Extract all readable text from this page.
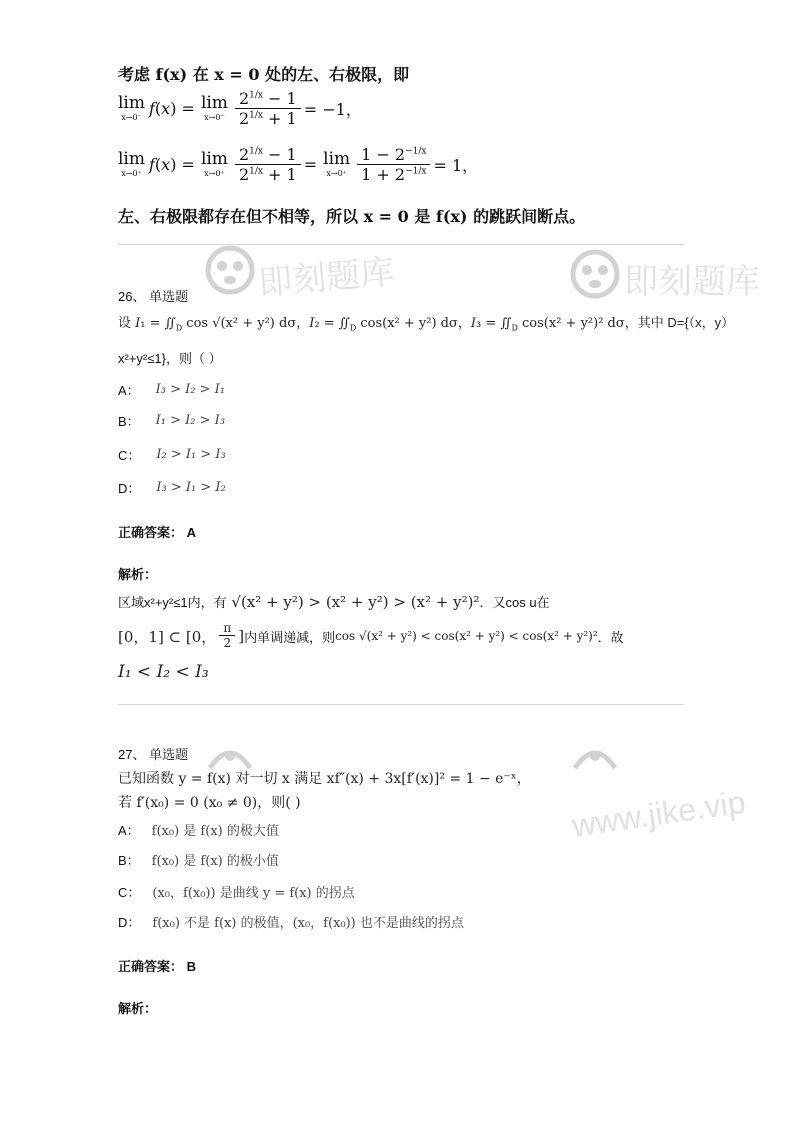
考虑 f(x) 在 x = 0 处的左、右极限，即
lim
x→0⁻ f ( x ) = lim
$x\to 0^- \frac{2^{1/x} - 1}{2^{1/x} + 1} = -1$，
lim
x→0⁺ f ( x ) = lim
$x\to 0^+ \frac{2^{1/x} - 1}{2^{1/x} + 1} = \lim$
$x\to 0^+ \frac{1 - 2^{-1/x}}{1 + 2^{-1/x}} = 1$，
左、右极限都存在但不相等，所以 x = 0 是 f(x) 的跳跃间断点。
即刻题库	即刻题库
www.jike.vip
26、 单选题
设 $I_1 = ∬_D$ cos √(x² + y²) dσ，$I_2 = ∬_D$ cos(x² + y²) dσ，$I_3 = ∬_D$ cos(x² + y²)² dσ，其中 D={（x，y）
x²+y²≤1}，则（ ）
A： I₃ > I₂ > I₁
B： I₁ > I₂ > I₃
C： I₂ > I₁ > I₃
D： I₃ > I₁ > I₂
正确答案： A
解析：
区域x²+y²≤1内，有 √(x² + y²) > (x² + y²) > (x² + y²)² ．又cos u在
[0，1] ⊂ [0， $\frac{\pi}{2}$ ] 内单调递减，则 cos √(x² + y²) < cos(x² + y²) < cos(x² + y²)² ．故
I₁ < I₂ < I₃
27、 单选题
已知函数 y = f(x) 对一切 x 满足 xf″(x) + 3x[f′(x)]² = 1 − e⁻ˣ，
若 f′(x₀) = 0 (x₀ ≠ 0)，则( )
A： f(x₀) 是 f(x) 的极大值
B： f(x₀) 是 f(x) 的极小值
C： (x₀，f(x₀)) 是曲线 y = f(x) 的拐点
D： f(x₀) 不是 f(x) 的极值，(x₀，f(x₀)) 也不是曲线的拐点
正确答案： B
解析：
